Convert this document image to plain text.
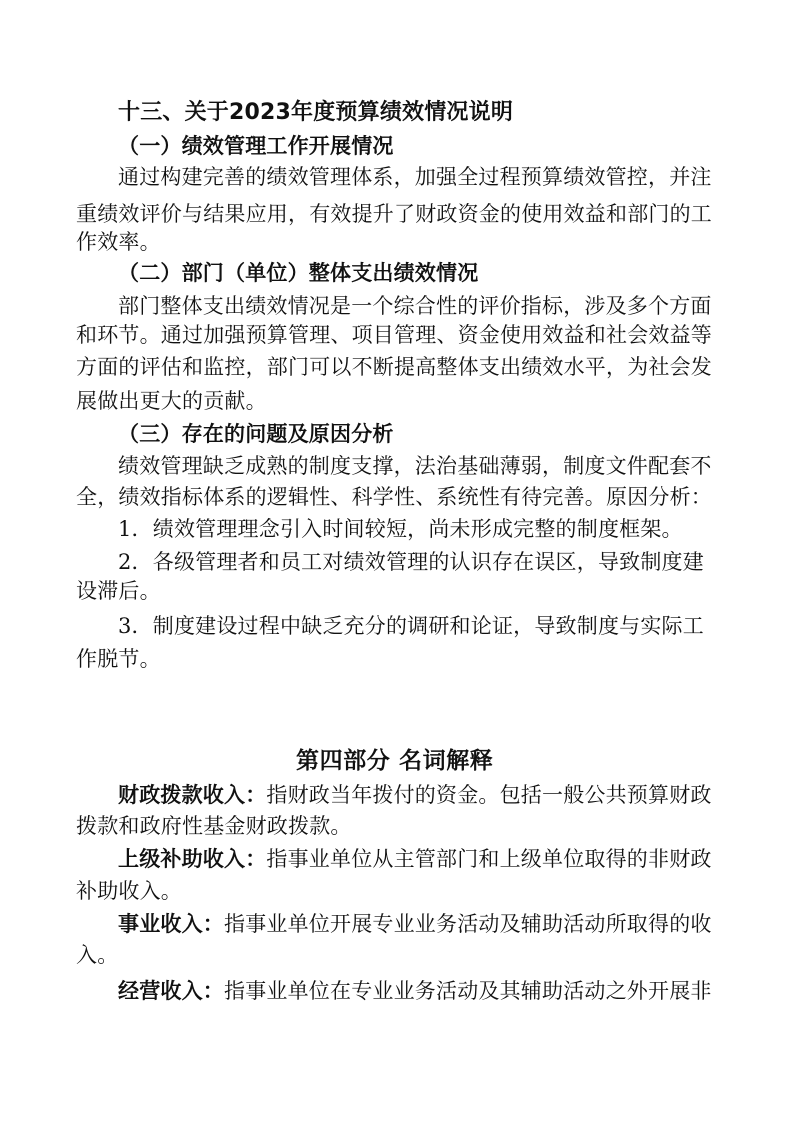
十三、关于2023年度预算绩效情况说明
（一）绩效管理工作开展情况
通过构建完善的绩效管理体系，加强全过程预算绩效管控，并注
重绩效评价与结果应用，有效提升了财政资金的使用效益和部门的工
作效率。
（二）部门（单位）整体支出绩效情况
部门整体支出绩效情况是一个综合性的评价指标，涉及多个方面
和环节。通过加强预算管理、项目管理、资金使用效益和社会效益等
方面的评估和监控，部门可以不断提高整体支出绩效水平，为社会发
展做出更大的贡献。
（三）存在的问题及原因分析
绩效管理缺乏成熟的制度支撑，法治基础薄弱，制度文件配套不
全，绩效指标体系的逻辑性、科学性、系统性有待完善。原因分析：
1．绩效管理理念引入时间较短，尚未形成完整的制度框架。
2．各级管理者和员工对绩效管理的认识存在误区，导致制度建
设滞后。
3．制度建设过程中缺乏充分的调研和论证，导致制度与实际工
作脱节。
第四部分 名词解释
财政拨款收入：指财政当年拨付的资金。包括一般公共预算财政
拨款和政府性基金财政拨款。
上级补助收入：指事业单位从主管部门和上级单位取得的非财政
补助收入。
事业收入：指事业单位开展专业业务活动及辅助活动所取得的收
入。
经营收入：指事业单位在专业业务活动及其辅助活动之外开展非
